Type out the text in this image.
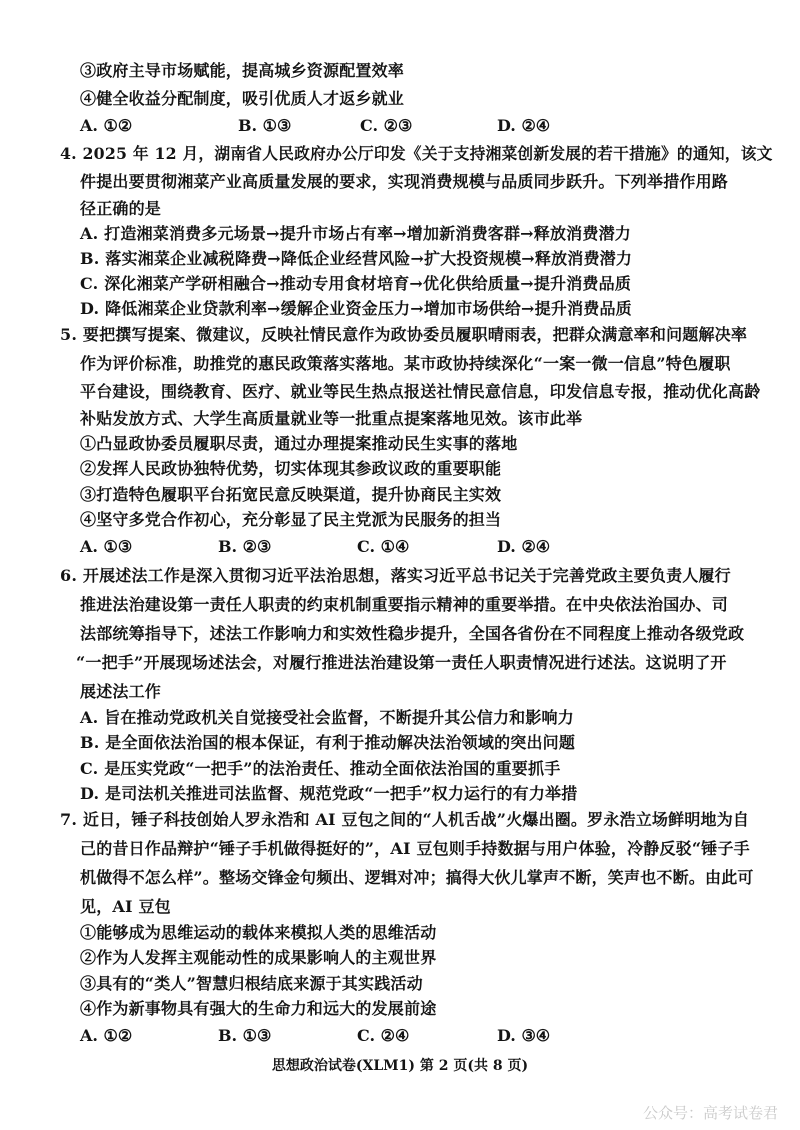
③政府主导市场赋能，提高城乡资源配置效率
④健全收益分配制度，吸引优质人才返乡就业
A. ①②	B. ①③	C. ②③	D. ②④
4. 2025 年 12 月，湖南省人民政府办公厅印发《关于支持湘菜创新发展的若干措施》的通知，该文
件提出要贯彻湘菜产业高质量发展的要求，实现消费规模与品质同步跃升。下列举措作用路
径正确的是
A. 打造湘菜消费多元场景→提升市场占有率→增加新消费客群→释放消费潜力
B. 落实湘菜企业减税降费→降低企业经营风险→扩大投资规模→释放消费潜力
C. 深化湘菜产学研相融合→推动专用食材培育→优化供给质量→提升消费品质
D. 降低湘菜企业贷款利率→缓解企业资金压力→增加市场供给→提升消费品质
5. 要把撰写提案、微建议，反映社情民意作为政协委员履职晴雨表，把群众满意率和问题解决率
作为评价标准，助推党的惠民政策落实落地。某市政协持续深化“一案一微一信息”特色履职
平台建设，围绕教育、医疗、就业等民生热点报送社情民意信息，印发信息专报，推动优化高龄
补贴发放方式、大学生高质量就业等一批重点提案落地见效。该市此举
①凸显政协委员履职尽责，通过办理提案推动民生实事的落地
②发挥人民政协独特优势，切实体现其参政议政的重要职能
③打造特色履职平台拓宽民意反映渠道，提升协商民主实效
④坚守多党合作初心，充分彰显了民主党派为民服务的担当
A. ①③	B. ②③	C. ①④	D. ②④
6. 开展述法工作是深入贯彻习近平法治思想，落实习近平总书记关于完善党政主要负责人履行
推进法治建设第一责任人职责的约束机制重要指示精神的重要举措。在中央依法治国办、司
法部统筹指导下，述法工作影响力和实效性稳步提升，全国各省份在不同程度上推动各级党政
“一把手”开展现场述法会，对履行推进法治建设第一责任人职责情况进行述法。这说明了开
展述法工作
A. 旨在推动党政机关自觉接受社会监督，不断提升其公信力和影响力
B. 是全面依法治国的根本保证，有利于推动解决法治领域的突出问题
C. 是压实党政“一把手”的法治责任、推动全面依法治国的重要抓手
D. 是司法机关推进司法监督、规范党政“一把手”权力运行的有力举措
7. 近日，锤子科技创始人罗永浩和 AI 豆包之间的“人机舌战”火爆出圈。罗永浩立场鲜明地为自
己的昔日作品辩护“锤子手机做得挺好的”，AI 豆包则手持数据与用户体验，冷静反驳“锤子手
机做得不怎么样”。整场交锋金句频出、逻辑对冲；搞得大伙儿掌声不断，笑声也不断。由此可
见，AI 豆包
①能够成为思维运动的载体来模拟人类的思维活动
②作为人发挥主观能动性的成果影响人的主观世界
③具有的“类人”智慧归根结底来源于其实践活动
④作为新事物具有强大的生命力和远大的发展前途
A. ①②	B. ①③	C. ②④	D. ③④
思想政治试卷(XLM1) 第 2 页(共 8 页)
公众号：高考试卷君
